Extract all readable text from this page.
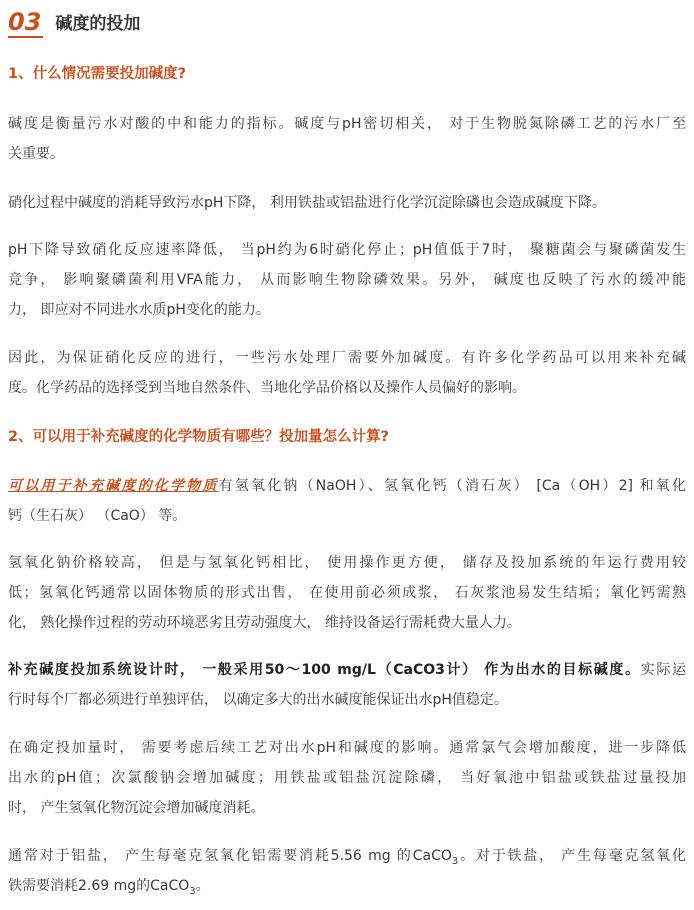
03 碱度的投加
1、什么情况需要投加碱度?
碱度是衡量污水对酸的中和能力的指标。碱度与pH密切相关， 对于生物脱氮除磷工艺的污水厂至
关重要。
硝化过程中碱度的消耗导致污水pH下降， 利用铁盐或铝盐进行化学沉淀除磷也会造成碱度下降。
pH下降导致硝化反应速率降低， 当pH约为6时硝化停止；pH值低于7时， 聚糖菌会与聚磷菌发生
竞争， 影响聚磷菌利用VFA能力， 从而影响生物除磷效果。另外， 碱度也反映了污水的缓冲能
力， 即应对不同进水水质pH变化的能力。
因此，为保证硝化反应的进行，一些污水处理厂需要外加碱度。有许多化学药品可以用来补充碱
度。化学药品的选择受到当地自然条件、当地化学品价格以及操作人员偏好的影响。
2、可以用于补充碱度的化学物质有哪些？投加量怎么计算?
可以用于补充碱度的化学物质有氢氧化钠（NaOH）、氢氧化钙（消石灰） [Ca（OH）2] 和氧化
钙（生石灰） （CaO） 等。
氢氧化钠价格较高， 但是与氢氧化钙相比， 使用操作更方便， 储存及投加系统的年运行费用较
低；氢氧化钙通常以固体物质的形式出售， 在使用前必须成浆， 石灰浆池易发生结垢；氧化钙需熟
化， 熟化操作过程的劳动环境恶劣且劳动强度大， 维持设备运行需耗费大量人力。
补充碱度投加系统设计时， 一般采用50～100 mg/L（CaCO3计） 作为出水的目标碱度。实际运
行时每个厂都必须进行单独评估， 以确定多大的出水碱度能保证出水pH值稳定。
在确定投加量时， 需要考虑后续工艺对出水pH和碱度的影响。通常氯气会增加酸度，进一步降低
出水的pH值；次氯酸钠会增加碱度；用铁盐或铝盐沉淀除磷， 当好氧池中铝盐或铁盐过量投加
时， 产生氢氧化物沉淀会增加碱度消耗。
通常对于铝盐， 产生每毫克氢氧化铝需要消耗5.56 mg 的CaCO$_3$。对于铁盐， 产生每毫克氢氧化
铁需要消耗2.69 mg的CaCO$_3$。
